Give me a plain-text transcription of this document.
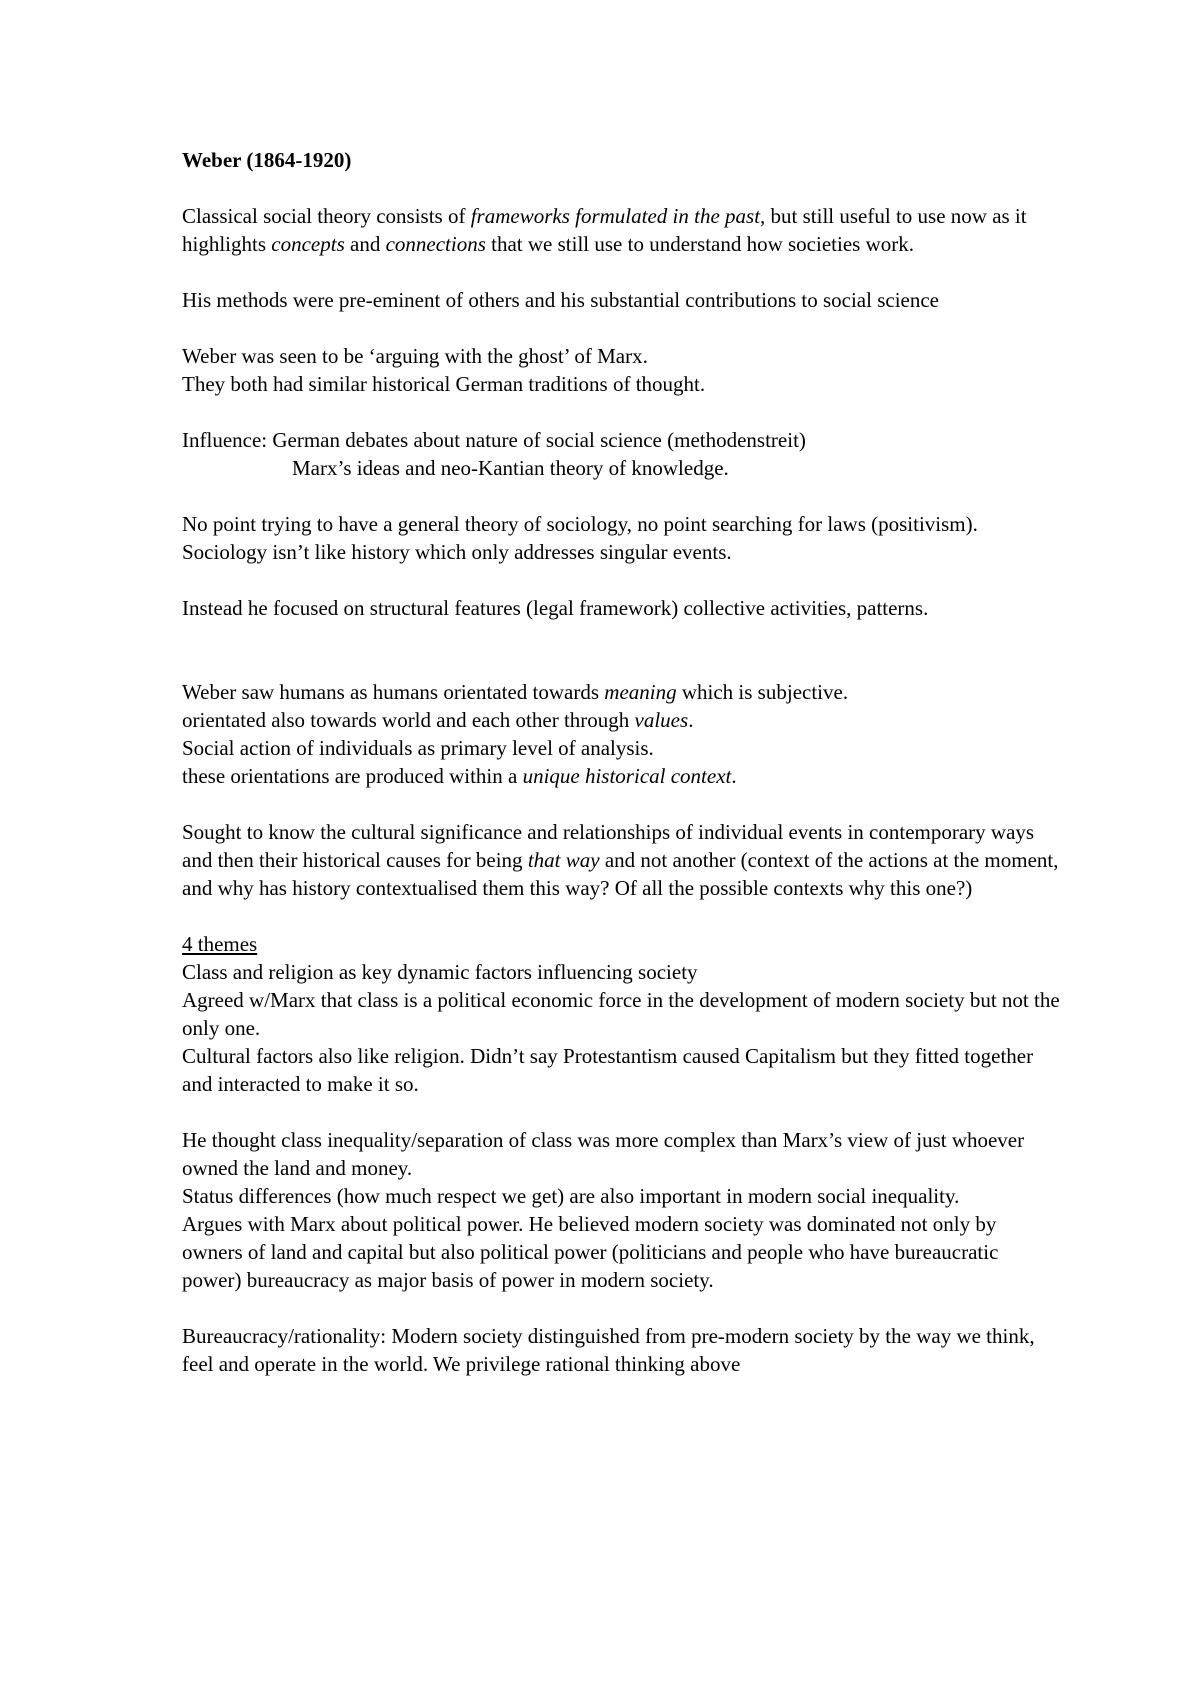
Weber (1864-1920)

Classical social theory consists of frameworks formulated in the past, but still useful to use now as it highlights concepts and connections that we still use to understand how societies work.

His methods were pre-eminent of others and his substantial contributions to social science

Weber was seen to be ‘arguing with the ghost’ of Marx.
They both had similar historical German traditions of thought.

Influence: German debates about nature of social science (methodenstreit)
Marx’s ideas and neo-Kantian theory of knowledge.

No point trying to have a general theory of sociology, no point searching for laws (positivism). Sociology isn’t like history which only addresses singular events.

Instead he focused on structural features (legal framework) collective activities, patterns.

Weber saw humans as humans orientated towards meaning which is subjective.
orientated also towards world and each other through values.
Social action of individuals as primary level of analysis.
these orientations are produced within a unique historical context.

Sought to know the cultural significance and relationships of individual events in contemporary ways and then their historical causes for being that way and not another (context of the actions at the moment, and why has history contextualised them this way? Of all the possible contexts why this one?)

4 themes
Class and religion as key dynamic factors influencing society
Agreed w/Marx that class is a political economic force in the development of modern society but not the only one.
Cultural factors also like religion. Didn’t say Protestantism caused Capitalism but they fitted together and interacted to make it so.

He thought class inequality/separation of class was more complex than Marx’s view of just whoever owned the land and money.
Status differences (how much respect we get) are also important in modern social inequality.
Argues with Marx about political power. He believed modern society was dominated not only by owners of land and capital but also political power (politicians and people who have bureaucratic power) bureaucracy as major basis of power in modern society.

Bureaucracy/rationality: Modern society distinguished from pre-modern society by the way we think, feel and operate in the world. We privilege rational thinking above
